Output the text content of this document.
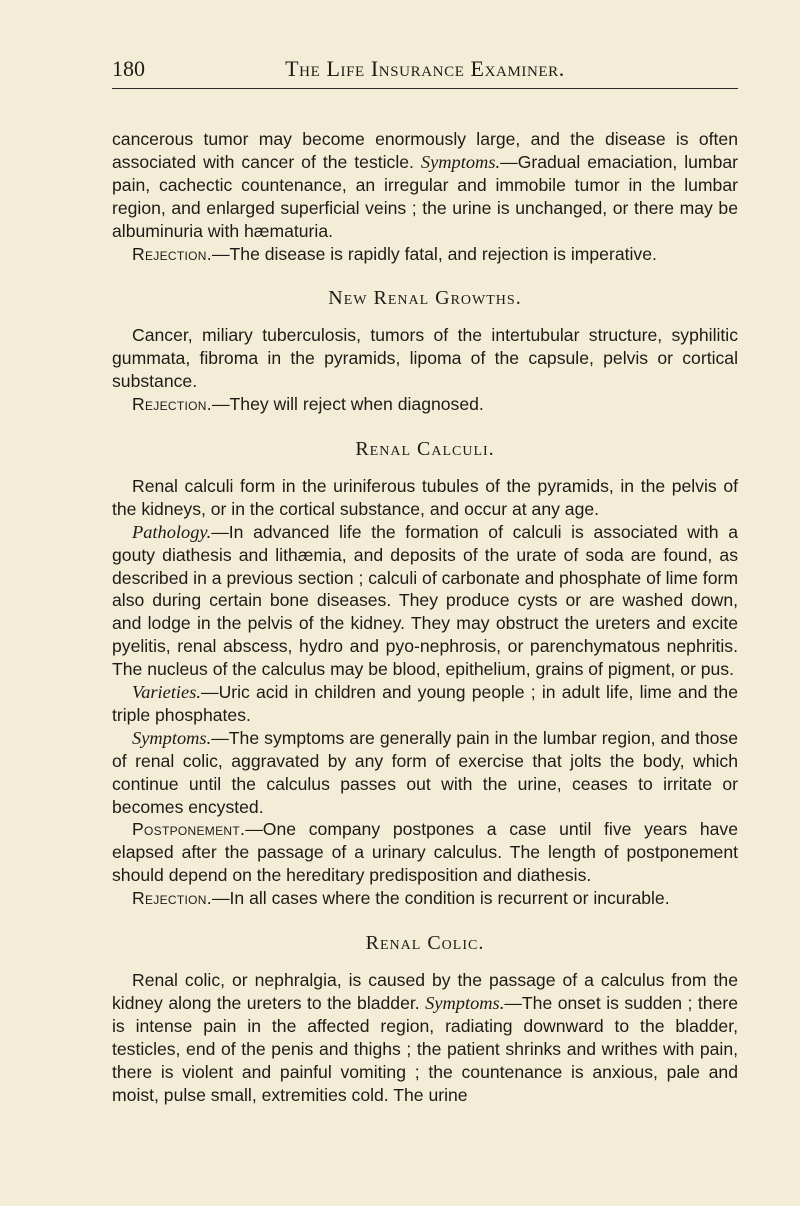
180	The Life Insurance Examiner.

cancerous tumor may become enormously large, and the disease is often associated with cancer of the testicle. Symptoms.—Gradual emaciation, lumbar pain, cachectic countenance, an irregular and immobile tumor in the lumbar region, and enlarged superficial veins ; the urine is unchanged, or there may be albuminuria with hæmaturia.

Rejection.—The disease is rapidly fatal, and rejection is imperative.

New Renal Growths.

Cancer, miliary tuberculosis, tumors of the intertubular structure, syphilitic gummata, fibroma in the pyramids, lipoma of the capsule, pelvis or cortical substance.

Rejection.—They will reject when diagnosed.

Renal Calculi.

Renal calculi form in the uriniferous tubules of the pyramids, in the pelvis of the kidneys, or in the cortical substance, and occur at any age.

Pathology.—In advanced life the formation of calculi is associated with a gouty diathesis and lithæmia, and deposits of the urate of soda are found, as described in a previous section ; calculi of carbonate and phosphate of lime form also during certain bone diseases. They produce cysts or are washed down, and lodge in the pelvis of the kidney. They may obstruct the ureters and excite pyelitis, renal abscess, hydro and pyo-nephrosis, or parenchymatous nephritis. The nucleus of the calculus may be blood, epithelium, grains of pigment, or pus.

Varieties.—Uric acid in children and young people ; in adult life, lime and the triple phosphates.

Symptoms.—The symptoms are generally pain in the lumbar region, and those of renal colic, aggravated by any form of exercise that jolts the body, which continue until the calculus passes out with the urine, ceases to irritate or becomes encysted.

Postponement.—One company postpones a case until five years have elapsed after the passage of a urinary calculus. The length of postponement should depend on the hereditary predisposition and diathesis.

Rejection.—In all cases where the condition is recurrent or incurable.

Renal Colic.

Renal colic, or nephralgia, is caused by the passage of a calculus from the kidney along the ureters to the bladder. Symptoms.—The onset is sudden ; there is intense pain in the affected region, radiating downward to the bladder, testicles, end of the penis and thighs ; the patient shrinks and writhes with pain, there is violent and painful vomiting ; the countenance is anxious, pale and moist, pulse small, extremities cold. The urine
